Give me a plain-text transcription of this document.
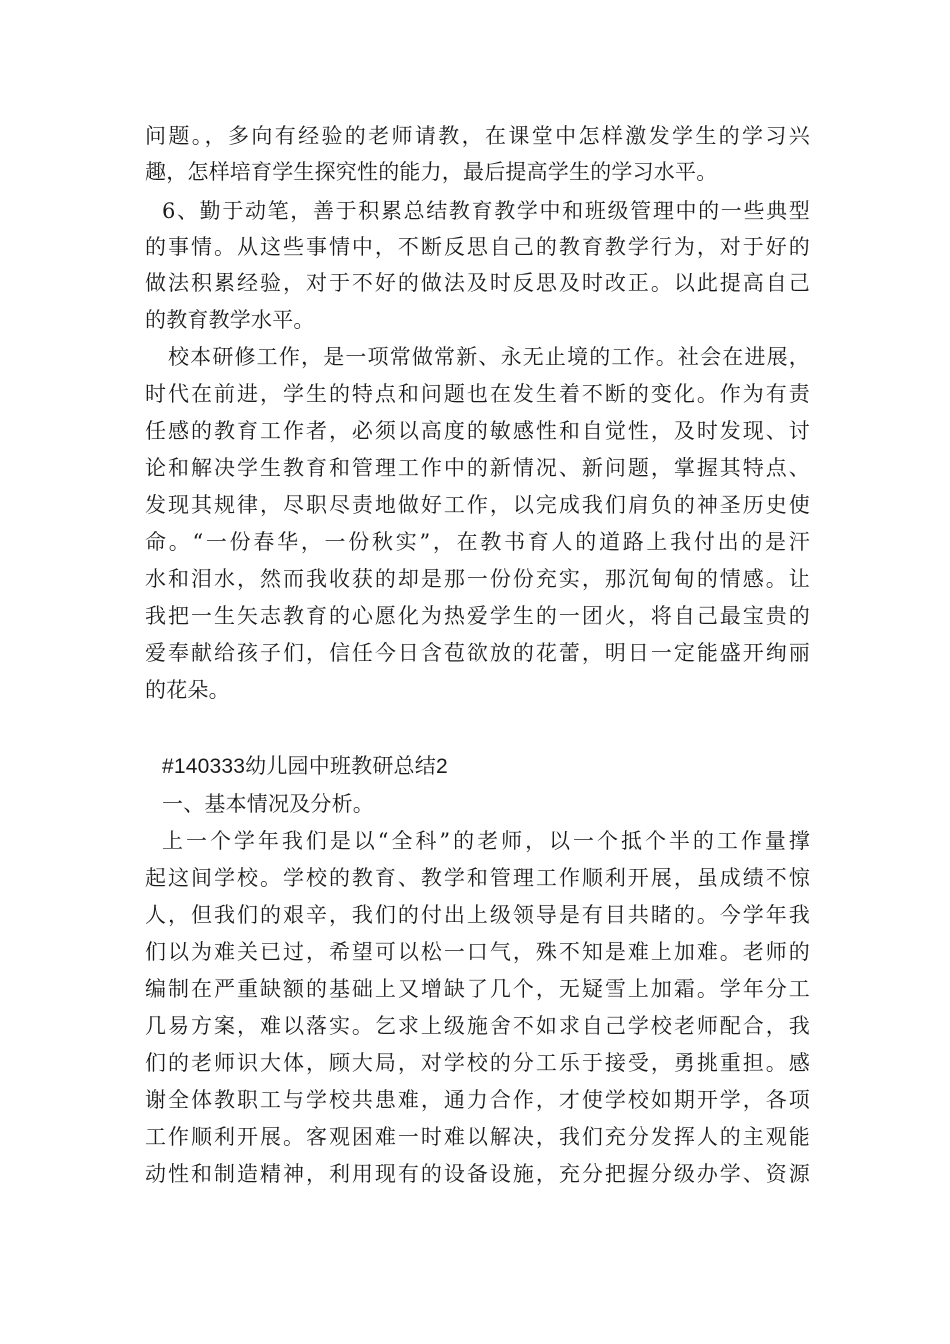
问题。，多向有经验的老师请教，在课堂中怎样激发学生的学习兴

趣，怎样培育学生探究性的能力，最后提高学生的学习水平。

6、勤于动笔，善于积累总结教育教学中和班级管理中的一些典型

的事情。从这些事情中，不断反思自己的教育教学行为，对于好的

做法积累经验，对于不好的做法及时反思及时改正。以此提高自己

的教育教学水平。

校本研修工作，是一项常做常新、永无止境的工作。社会在进展，

时代在前进，学生的特点和问题也在发生着不断的变化。作为有责

任感的教育工作者，必须以高度的敏感性和自觉性，及时发现、讨

论和解决学生教育和管理工作中的新情况、新问题，掌握其特点、

发现其规律，尽职尽责地做好工作，以完成我们肩负的神圣历史使

命。“一份春华，一份秋实”，在教书育人的道路上我付出的是汗

水和泪水，然而我收获的却是那一份份充实，那沉甸甸的情感。让

我把一生矢志教育的心愿化为热爱学生的一团火，将自己最宝贵的

爱奉献给孩子们，信任今日含苞欲放的花蕾，明日一定能盛开绚丽

的花朵。

#140333幼儿园中班教研总结2

一、基本情况及分析。

上一个学年我们是以“全科”的老师，以一个抵个半的工作量撑

起这间学校。学校的教育、教学和管理工作顺利开展，虽成绩不惊

人，但我们的艰辛，我们的付出上级领导是有目共睹的。今学年我

们以为难关已过，希望可以松一口气，殊不知是难上加难。老师的

编制在严重缺额的基础上又增缺了几个，无疑雪上加霜。学年分工

几易方案，难以落实。乞求上级施舍不如求自己学校老师配合，我

们的老师识大体，顾大局，对学校的分工乐于接受，勇挑重担。感

谢全体教职工与学校共患难，通力合作，才使学校如期开学，各项

工作顺利开展。客观困难一时难以解决，我们充分发挥人的主观能

动性和制造精神，利用现有的设备设施，充分把握分级办学、资源
